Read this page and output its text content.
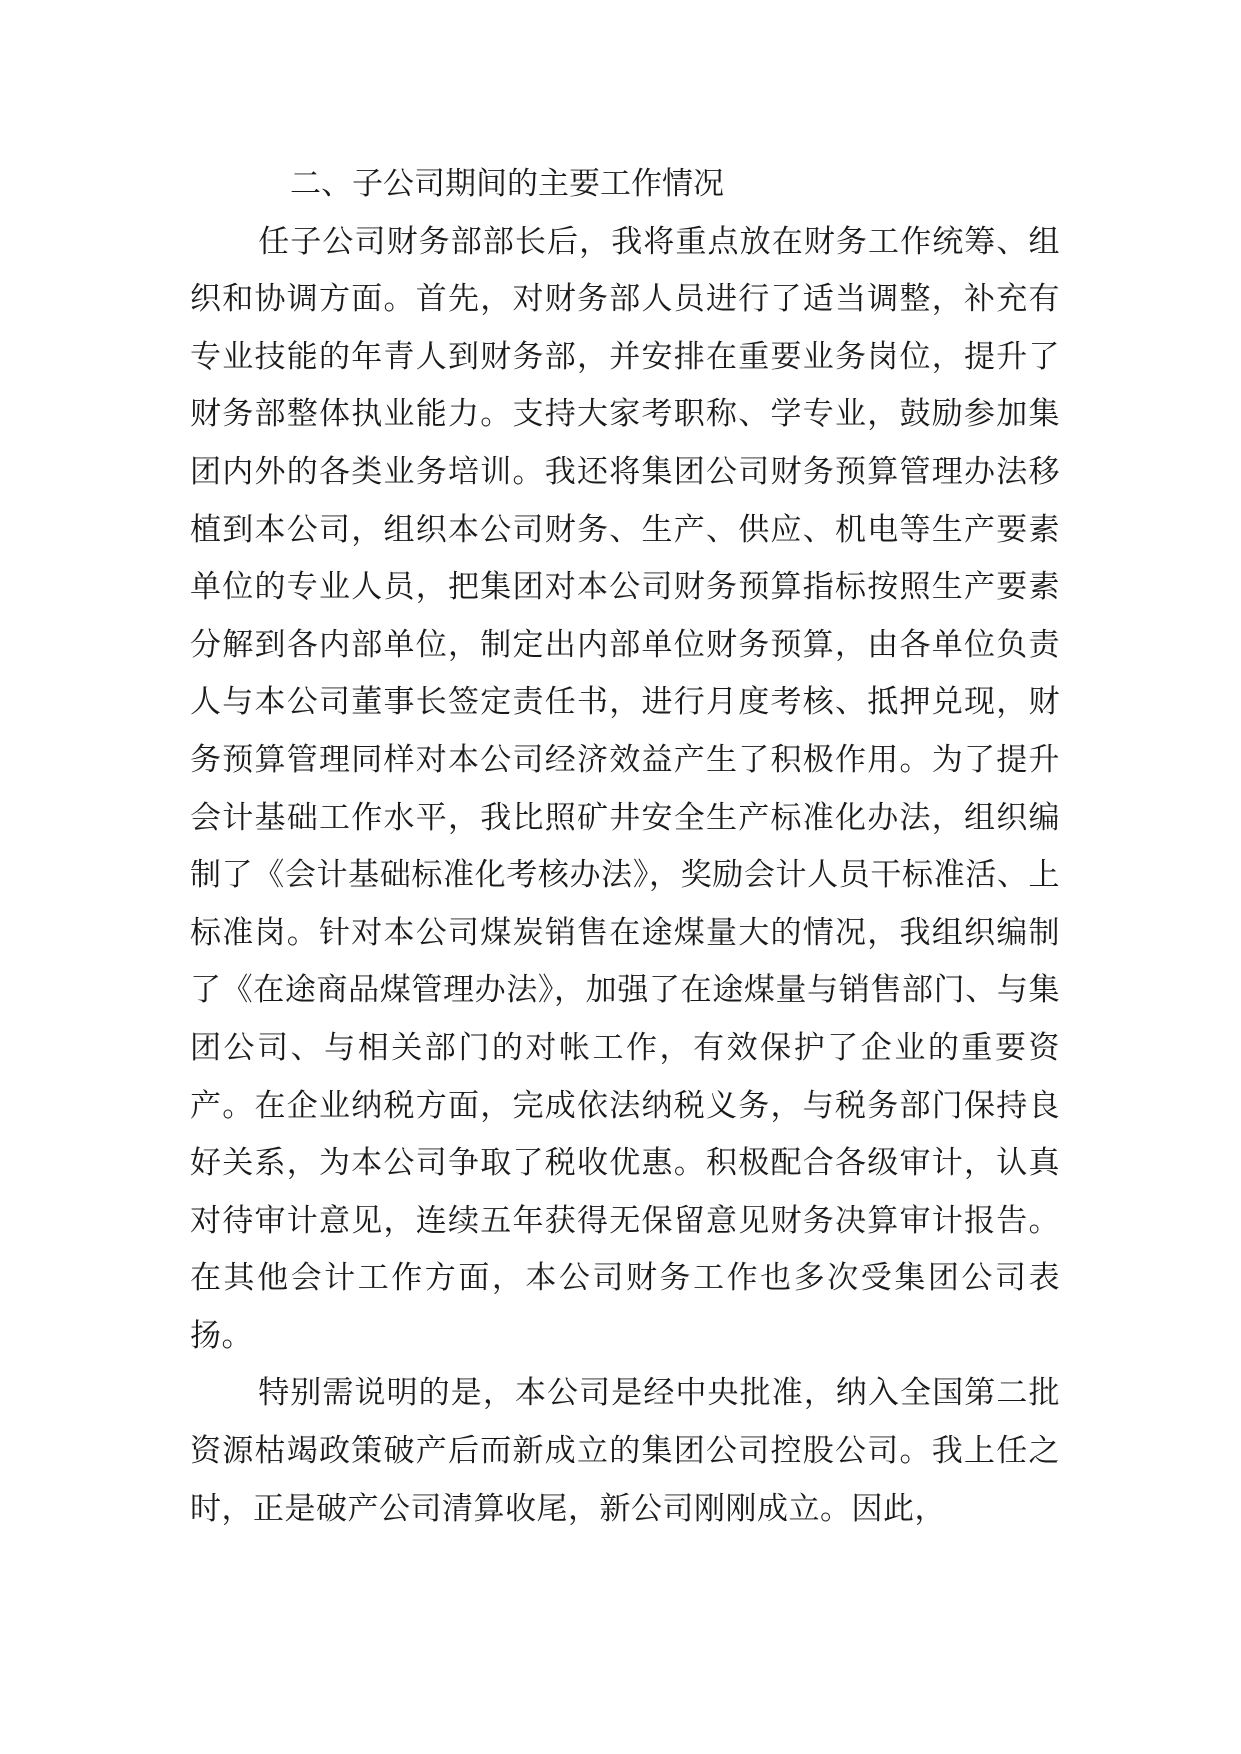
二、子公司期间的主要工作情况

任子公司财务部部长后，我将重点放在财务工作统筹、组织和协调方面。首先，对财务部人员进行了适当调整，补充有专业技能的年青人到财务部，并安排在重要业务岗位，提升了财务部整体执业能力。支持大家考职称、学专业，鼓励参加集团内外的各类业务培训。我还将集团公司财务预算管理办法移植到本公司，组织本公司财务、生产、供应、机电等生产要素单位的专业人员，把集团对本公司财务预算指标按照生产要素分解到各内部单位，制定出内部单位财务预算，由各单位负责人与本公司董事长签定责任书，进行月度考核、抵押兑现，财务预算管理同样对本公司经济效益产生了积极作用。为了提升会计基础工作水平，我比照矿井安全生产标准化办法，组织编制了《会计基础标准化考核办法》，奖励会计人员干标准活、上标准岗。针对本公司煤炭销售在途煤量大的情况，我组织编制了《在途商品煤管理办法》，加强了在途煤量与销售部门、与集团公司、与相关部门的对帐工作，有效保护了企业的重要资产。在企业纳税方面，完成依法纳税义务，与税务部门保持良好关系，为本公司争取了税收优惠。积极配合各级审计，认真对待审计意见，连续五年获得无保留意见财务决算审计报告。在其他会计工作方面，本公司财务工作也多次受集团公司表扬。

特别需说明的是，本公司是经中央批准，纳入全国第二批资源枯竭政策破产后而新成立的集团公司控股公司。我上任之时，正是破产公司清算收尾，新公司刚刚成立。因此，
